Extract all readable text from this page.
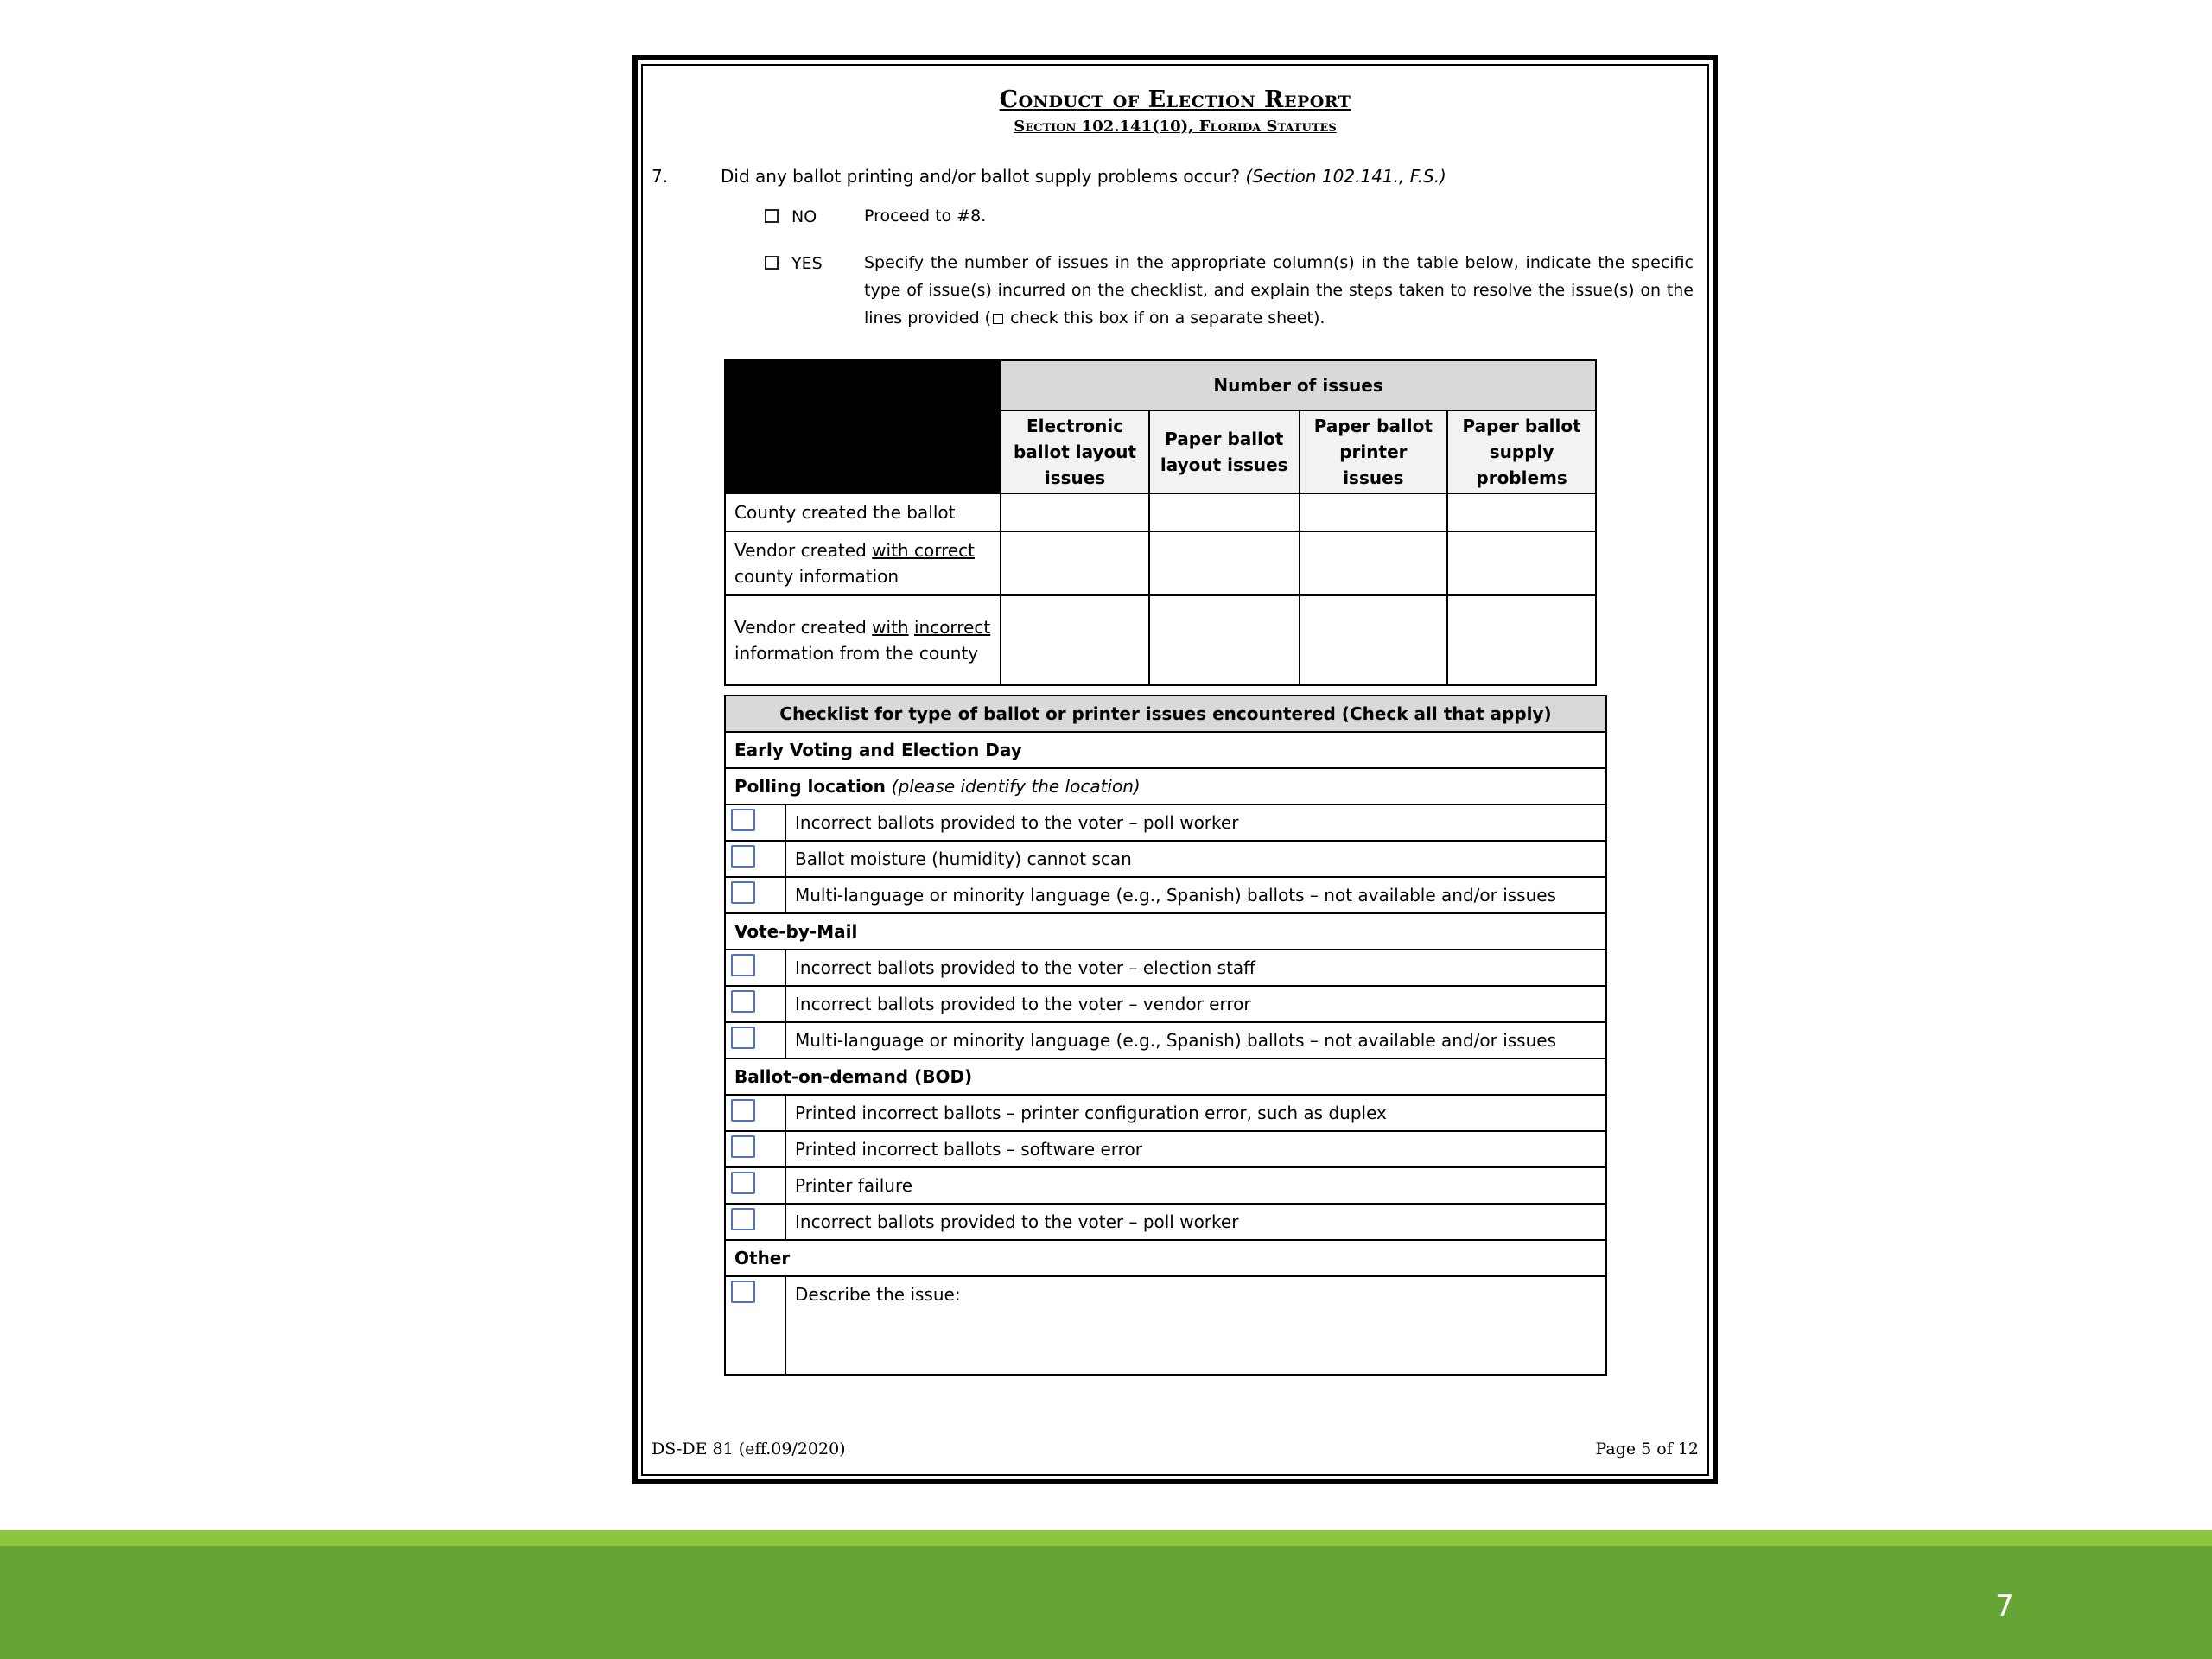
Conduct of Election Report
Section 102.141(10), Florida Statutes
7.	Did any ballot printing and/or ballot supply problems occur? (Section 102.141., F.S.)
NO	Proceed to #8.
YES	Specify the number of issues in the appropriate column(s) in the table below, indicate the specific type of issue(s) incurred on the checklist, and explain the steps taken to resolve the issue(s) on the lines provided ( check this box if on a separate sheet).
	Number of issues			
	Electronic ballot layout issues	Paper ballot layout issues	Paper ballot printer issues	Paper ballot supply problems
County created the ballot				
Vendor created with correct county information				
Vendor created with incorrect information from the county				
Checklist for type of ballot or printer issues encountered (Check all that apply)	
Early Voting and Election Day	
Polling location (please identify the location)	

	Incorrect ballots provided to the voter – poll worker

	Ballot moisture (humidity) cannot scan

	Multi-language or minority language (e.g., Spanish) ballots – not available and/or issues
Vote-by-Mail	

	Incorrect ballots provided to the voter – election staff

	Incorrect ballots provided to the voter – vendor error

	Multi-language or minority language (e.g., Spanish) ballots – not available and/or issues
Ballot-on-demand (BOD)	

	Printed incorrect ballots – printer configuration error, such as duplex

	Printed incorrect ballots – software error

	Printer failure

	Incorrect ballots provided to the voter – poll worker
Other	

	Describe the issue:
DS-DE 81 (eff.09/2020)	Page 5 of 12
7
